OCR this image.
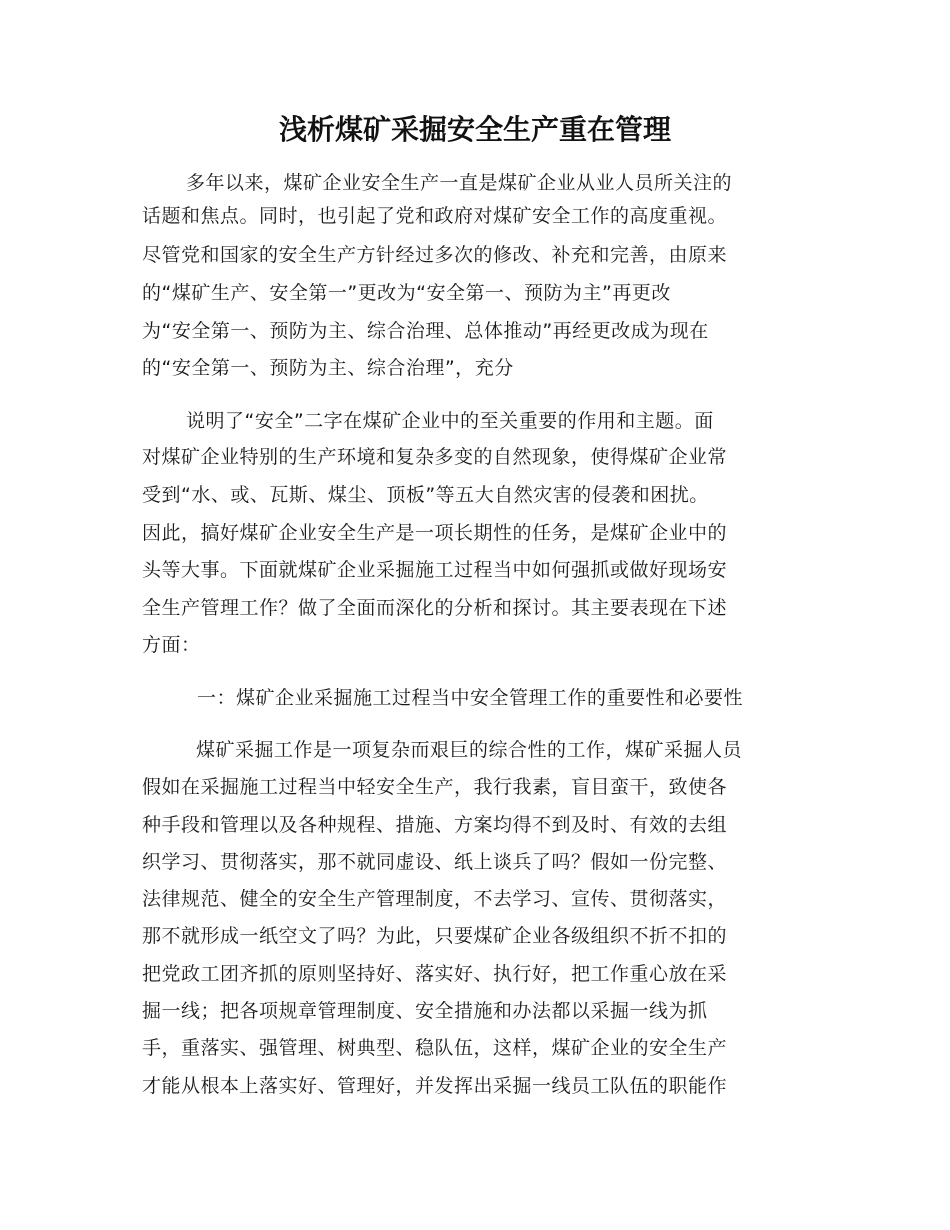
浅析煤矿采掘安全生产重在管理
多年以来，煤矿企业安全生产一直是煤矿企业从业人员所关注的
话题和焦点。同时，也引起了党和政府对煤矿安全工作的高度重视。
尽管党和国家的安全生产方针经过多次的修改、补充和完善，由原来
的“煤矿生产、安全第一”更改为“安全第一、预防为主”再更改
为“安全第一、预防为主、综合治理、总体推动”再经更改成为现在
的“安全第一、预防为主、综合治理”，充分
说明了“安全”二字在煤矿企业中的至关重要的作用和主题。面
对煤矿企业特别的生产环境和复杂多变的自然现象，使得煤矿企业常
受到“水、或、瓦斯、煤尘、顶板”等五大自然灾害的侵袭和困扰。
因此，搞好煤矿企业安全生产是一项长期性的任务，是煤矿企业中的
头等大事。下面就煤矿企业采掘施工过程当中如何强抓或做好现场安
全生产管理工作？做了全面而深化的分析和探讨。其主要表现在下述
方面：
一：煤矿企业采掘施工过程当中安全管理工作的重要性和必要性
煤矿采掘工作是一项复杂而艰巨的综合性的工作，煤矿采掘人员
假如在采掘施工过程当中轻安全生产，我行我素，盲目蛮干，致使各
种手段和管理以及各种规程、措施、方案均得不到及时、有效的去组
织学习、贯彻落实，那不就同虚设、纸上谈兵了吗？假如一份完整、
法律规范、健全的安全生产管理制度，不去学习、宣传、贯彻落实，
那不就形成一纸空文了吗？为此，只要煤矿企业各级组织不折不扣的
把党政工团齐抓的原则坚持好、落实好、执行好，把工作重心放在采
掘一线；把各项规章管理制度、安全措施和办法都以采掘一线为抓
手，重落实、强管理、树典型、稳队伍，这样，煤矿企业的安全生产
才能从根本上落实好、管理好，并发挥出采掘一线员工队伍的职能作
